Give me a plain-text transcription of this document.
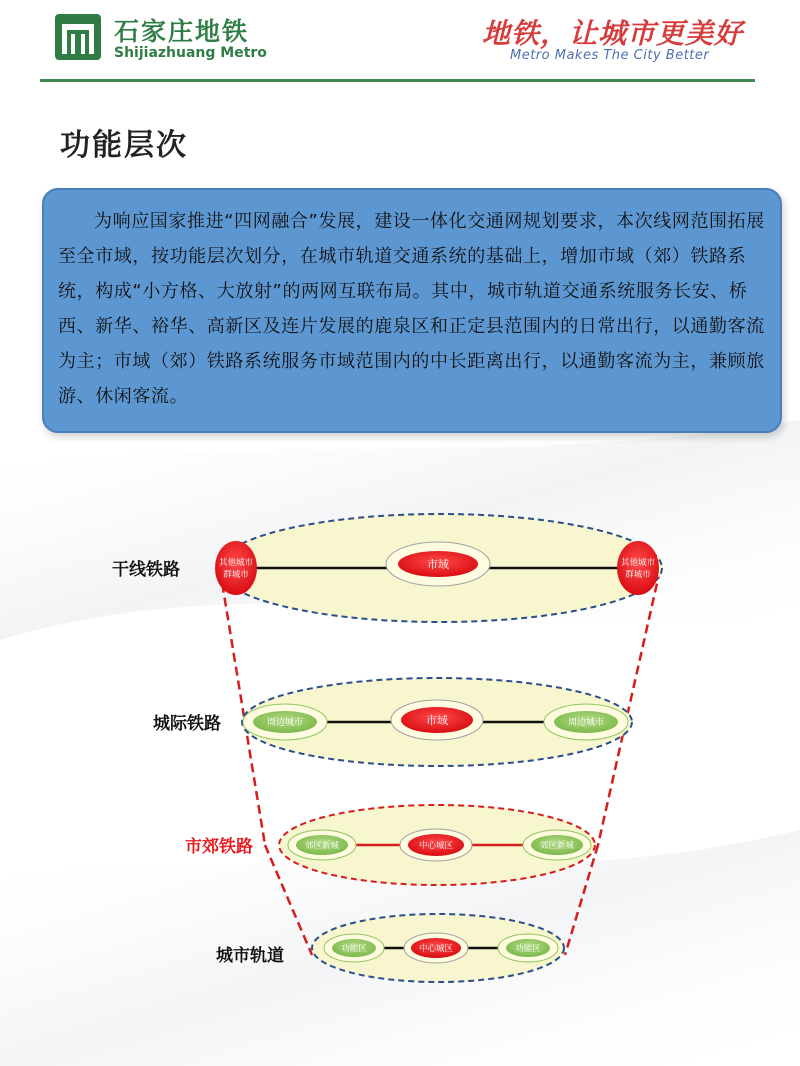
石家庄地铁
Shijiazhuang Metro
地铁，让城市更美好
Metro Makes The City Better
功能层次

为响应国家推进“四网融合”发展，建设一体化交通网规划要求，本次线网范围拓展至全市域，按功能层次划分，在城市轨道交通系统的基础上，增加市域（郊）铁路系统，构成“小方格、大放射”的两网互联布局。其中，城市轨道交通系统服务长安、桥西、新华、裕华、高新区及连片发展的鹿泉区和正定县范围内的日常出行，以通勤客流为主；市域（郊）铁路系统服务市域范围内的中长距离出行，以通勤客流为主，兼顾旅游、休闲客流。

其他城市
群城市
市域	其他城市
群城市
干线铁路
周边城市	市域	周边城市
城际铁路
郊区新城	中心城区	郊区新城
市郊铁路
功能区	中心城区	功能区
城市轨道
